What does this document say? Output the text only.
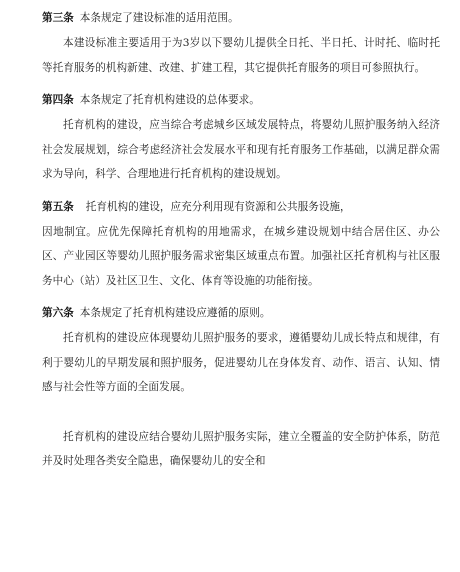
第三条 本条规定了建设标准的适用范围。

本建设标准主要适用于为3岁以下婴幼儿提供全日托、半日托、计时托、临时托等托育服务的机构新建、改建、扩建工程，其它提供托育服务的项目可参照执行。

第四条 本条规定了托育机构建设的总体要求。

托育机构的建设，应当综合考虑城乡区域发展特点，将婴幼儿照护服务纳入经济社会发展规划，综合考虑经济社会发展水平和现有托育服务工作基础，以满足群众需求为导向，科学、合理地进行托育机构的建设规划。

第五条 托育机构的建设，应充分利用现有资源和公共服务设施，

因地制宜。应优先保障托育机构的用地需求，在城乡建设规划中结合居住区、办公区、产业园区等婴幼儿照护服务需求密集区域重点布置。加强社区托育机构与社区服务中心（站）及社区卫生、文化、体育等设施的功能衔接。

第六条 本条规定了托育机构建设应遵循的原则。

托育机构的建设应体现婴幼儿照护服务的要求，遵循婴幼儿成长特点和规律，有利于婴幼儿的早期发展和照护服务，促进婴幼儿在身体发育、动作、语言、认知、情感与社会性等方面的全面发展。

托育机构的建设应结合婴幼儿照护服务实际，建立全覆盖的安全防护体系，防范并及时处理各类安全隐患，确保婴幼儿的安全和
